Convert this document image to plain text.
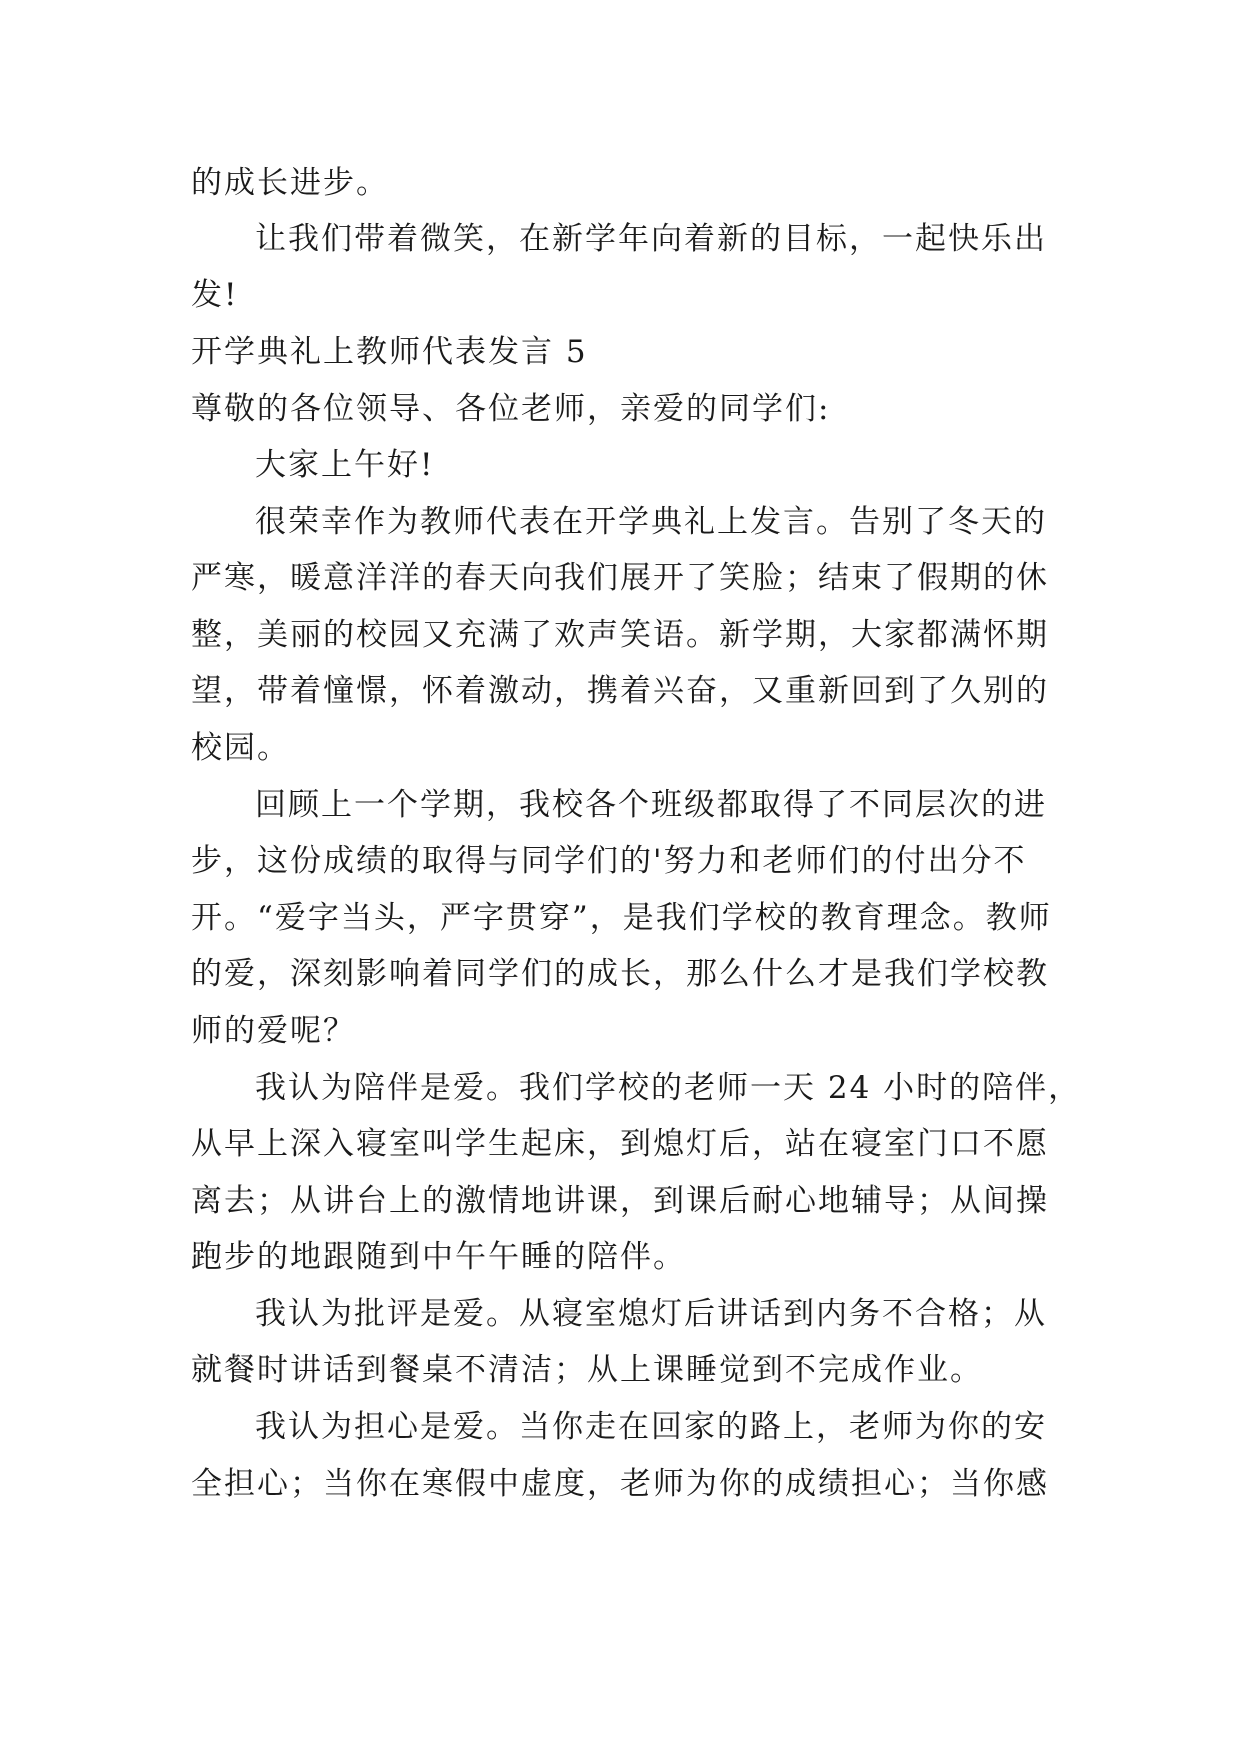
的成长进步。
让我们带着微笑，在新学年向着新的目标，一起快乐出
发!
开学典礼上教师代表发言 5
尊敬的各位领导、各位老师，亲爱的同学们:
大家上午好!
很荣幸作为教师代表在开学典礼上发言。告别了冬天的
严寒，暖意洋洋的春天向我们展开了笑脸；结束了假期的休
整，美丽的校园又充满了欢声笑语。新学期，大家都满怀期
望，带着憧憬，怀着激动，携着兴奋，又重新回到了久别的
校园。
回顾上一个学期，我校各个班级都取得了不同层次的进
步，这份成绩的取得与同学们的'努力和老师们的付出分不
开。“爱字当头，严字贯穿”，是我们学校的教育理念。教师
的爱，深刻影响着同学们的成长，那么什么才是我们学校教
师的爱呢？
我认为陪伴是爱。我们学校的老师一天 24 小时的陪伴，
从早上深入寝室叫学生起床，到熄灯后，站在寝室门口不愿
离去；从讲台上的激情地讲课，到课后耐心地辅导；从间操
跑步的地跟随到中午午睡的陪伴。
我认为批评是爱。从寝室熄灯后讲话到内务不合格；从
就餐时讲话到餐桌不清洁；从上课睡觉到不完成作业。
我认为担心是爱。当你走在回家的路上，老师为你的安
全担心；当你在寒假中虚度，老师为你的成绩担心；当你感
